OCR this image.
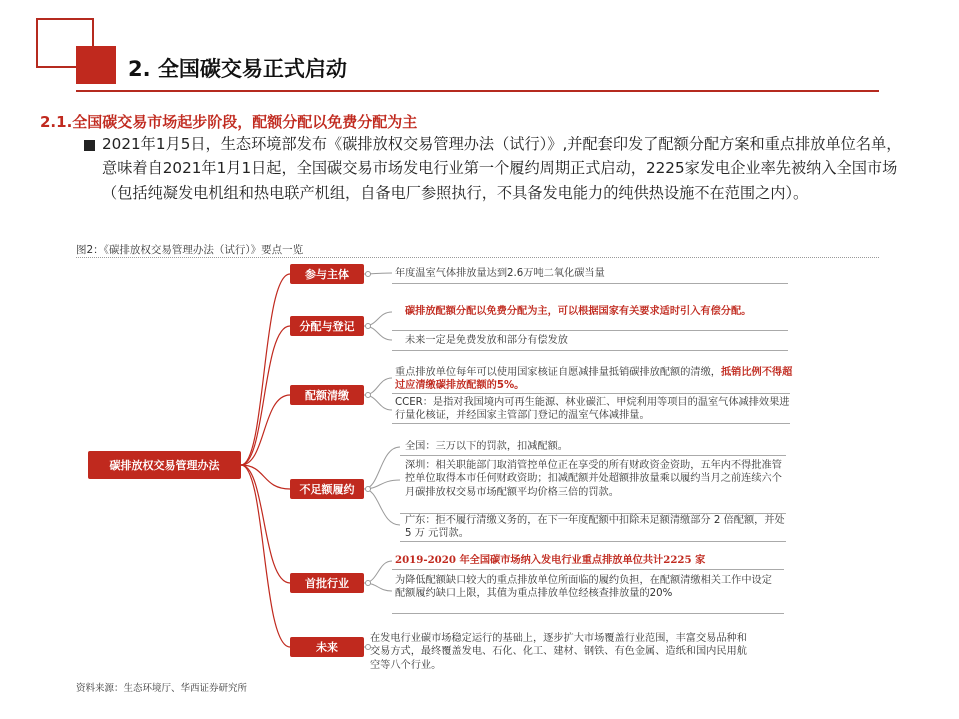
2. 全国碳交易正式启动
2.1.全国碳交易市场起步阶段，配额分配以免费分配为主
2021年1月5日，生态环境部发布《碳排放权交易管理办法（试行）》,并配套印发了配额分配方案和重点排放单位名单，意味着自2021年1月1日起，全国碳交易市场发电行业第一个履约周期正式启动，2225家发电企业率先被纳入全国市场（包括纯凝发电机组和热电联产机组，自备电厂参照执行，不具备发电能力的纯供热设施不在范围之内）。
图2：《碳排放权交易管理办法（试行）》要点一览
碳排放权交易管理办法
参与主体
分配与登记
配额清缴
不足额履约
首批行业
未来
年度温室气体排放量达到2.6万吨二氧化碳当量
碳排放配额分配以免费分配为主，可以根据国家有关要求适时引入有偿分配。
未来一定是免费发放和部分有偿发放
重点排放单位每年可以使用国家核证自愿减排量抵销碳排放配额的清缴，抵销比例不得超过应清缴碳排放配额的5%。
CCER：是指对我国境内可再生能源、林业碳汇、甲烷利用等项目的温室气体减排效果进行量化核证，并经国家主管部门登记的温室气体减排量。
全国：三万以下的罚款，扣减配额。
深圳：相关职能部门取消管控单位正在享受的所有财政资金资助，五年内不得批准管控单位取得本市任何财政资助；扣减配额并处超额排放量乘以履约当月之前连续六个月碳排放权交易市场配额平均价格三倍的罚款。
广东：拒不履行清缴义务的，在下一年度配额中扣除未足额清缴部分 2 倍配额，并处 5 万 元罚款。
2019-2020 年全国碳市场纳入发电行业重点排放单位共计2225 家
为降低配额缺口较大的重点排放单位所面临的履约负担，在配额清缴相关工作中设定配额履约缺口上限，其值为重点排放单位经核查排放量的20%
在发电行业碳市场稳定运行的基础上，逐步扩大市场覆盖行业范围，丰富交易品种和交易方式，最终覆盖发电、石化、化工、建材、钢铁、有色金属、造纸和国内民用航空等八个行业。
资料来源：生态环境厅、华西证券研究所
